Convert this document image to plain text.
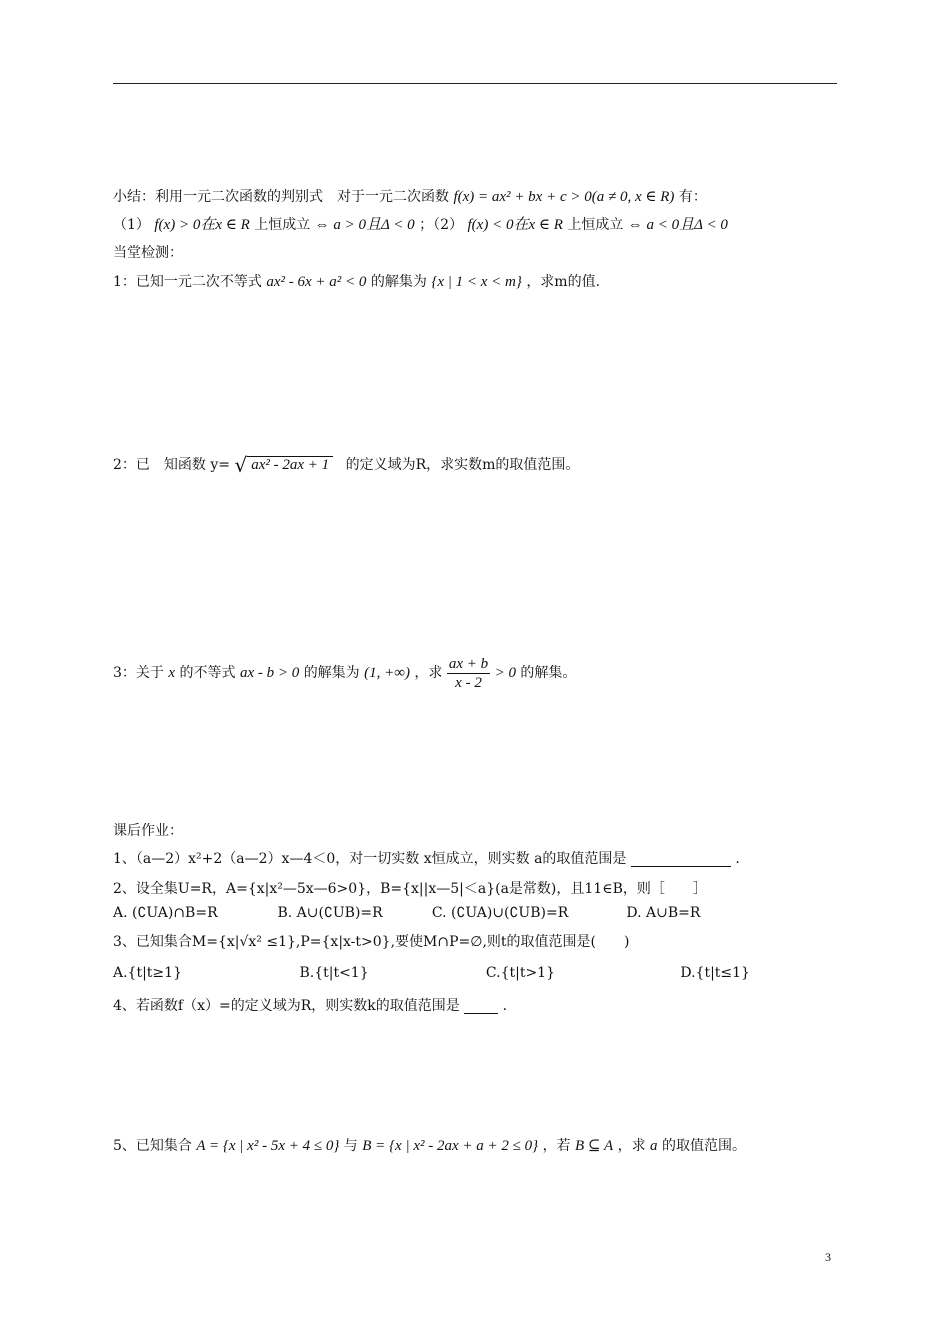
小结：利用一元二次函数的判别式　对于一元二次函数 f(x) = ax² + bx + c > 0(a ≠ 0, x ∈ R) 有：
（1） f(x) > 0在x ∈ R 上恒成立 ⇔ a > 0且Δ < 0 ；（2） f(x) < 0在x ∈ R 上恒成立 ⇔ a < 0且Δ < 0
当堂检测：
1：已知一元二次不等式 ax² - 6x + a² < 0 的解集为 {x | 1 < x < m} ，求m的值.
2：已　知函数 y= √ ax² - 2ax + 1 的定义域为R，求实数m的取值范围。
3：关于 x 的不等式 ax - b > 0 的解集为 (1, +∞) ，求 $\frac{ax + b}{x - 2} > 0$ 的解集。
课后作业：
1、（a—2）x²+2（a—2）x—4＜0，对一切实数 x恒成立，则实数 a的取值范围是	.
2、设全集U=R，A={x|x²—5x—6>0}，B={x||x—5|＜a}(a是常数)，且11∈B，则［　　］
A. (∁UA)∩B=R	B. A∪(∁UB)=R	C. (∁UA)∪(∁UB)=R	D. A∪B=R
3、已知集合M={x|√x² ≤1},P={x|x-t>0},要使M∩P=∅,则t的取值范围是(　　)
A.{t|t≥1}	B.{t|t<1}	C.{t|t>1}	D.{t|t≤1}
4、若函数f（x）=的定义域为R，则实数k的取值范围是	.
5、已知集合 A = {x | x² - 5x + 4 ≤ 0} 与 B = {x | x² - 2ax + a + 2 ≤ 0} ，若 B ⊆ A ，求 a 的取值范围。
3
